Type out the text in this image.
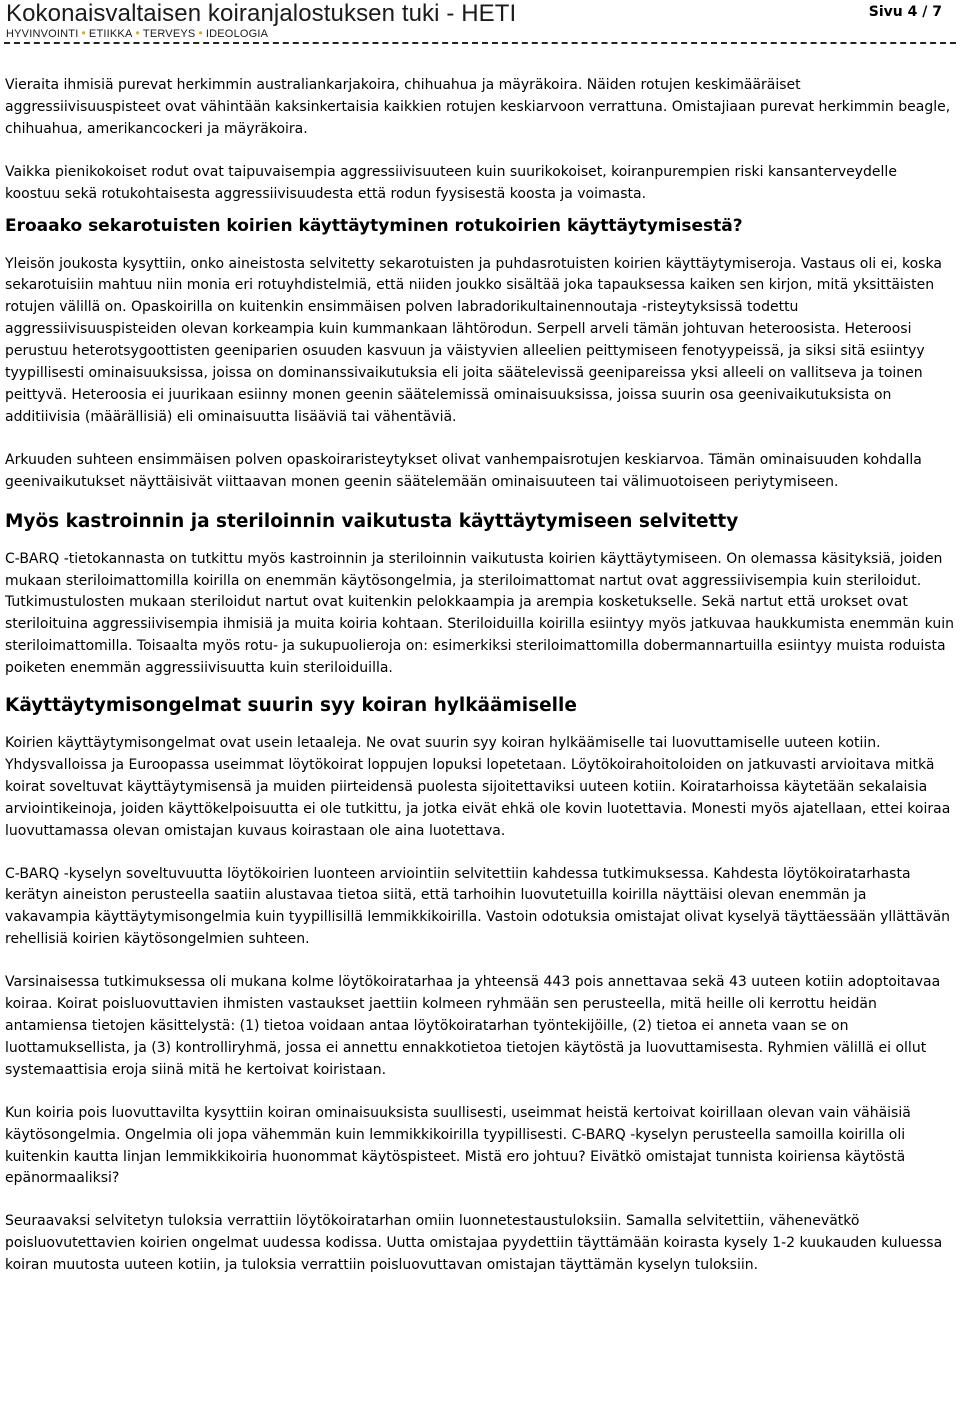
Kokonaisvaltaisen koiranjalostuksen tuki - HETI
HYVINVOINTI • ETIIKKA • TERVEYS • IDEOLOGIA
Sivu 4 / 7

Vieraita ihmisiä purevat herkimmin australiankarjakoira, chihuahua ja mäyräkoira. Näiden rotujen keskimääräiset aggressiivisuuspisteet ovat vähintään kaksinkertaisia kaikkien rotujen keskiarvoon verrattuna. Omistajiaan purevat herkimmin beagle, chihuahua, amerikancockeri ja mäyräkoira.

Vaikka pienikokoiset rodut ovat taipuvaisempia aggressiivisuuteen kuin suurikokoiset, koiranpurempien riski kansanterveydelle koostuu sekä rotukohtaisesta aggressiivisuudesta että rodun fyysisestä koosta ja voimasta.

Eroaako sekarotuisten koirien käyttäytyminen rotukoirien käyttäytymisestä?

Yleisön joukosta kysyttiin, onko aineistosta selvitetty sekarotuisten ja puhdasrotuisten koirien käyttäytymiseroja. Vastaus oli ei, koska sekarotuisiin mahtuu niin monia eri rotuyhdistelmiä, että niiden joukko sisältää joka tapauksessa kaiken sen kirjon, mitä yksittäisten rotujen välillä on. Opaskoirilla on kuitenkin ensimmäisen polven labradorikultainennoutaja -risteytyksissä todettu aggressiivisuuspisteiden olevan korkeampia kuin kummankaan lähtörodun. Serpell arveli tämän johtuvan heteroosista. Heteroosi perustuu heterotsygoottisten geeniparien osuuden kasvuun ja väistyvien alleelien peittymiseen fenotyypeissä, ja siksi sitä esiintyy tyypillisesti ominaisuuksissa, joissa on dominanssivaikutuksia eli joita säätelevissä geenipareissa yksi alleeli on vallitseva ja toinen peittyvä. Heteroosia ei juurikaan esiinny monen geenin säätelemissä ominaisuuksissa, joissa suurin osa geenivaikutuksista on additiivisia (määrällisiä) eli ominaisuutta lisääviä tai vähentäviä.

Arkuuden suhteen ensimmäisen polven opaskoiraristeytykset olivat vanhempaisrotujen keskiarvoa. Tämän ominaisuuden kohdalla geenivaikutukset näyttäisivät viittaavan monen geenin säätelemään ominaisuuteen tai välimuotoiseen periytymiseen.

Myös kastroinnin ja steriloinnin vaikutusta käyttäytymiseen selvitetty

C-BARQ -tietokannasta on tutkittu myös kastroinnin ja steriloinnin vaikutusta koirien käyttäytymiseen. On olemassa käsityksiä, joiden mukaan steriloimattomilla koirilla on enemmän käytösongelmia, ja steriloimattomat nartut ovat aggressiivisempia kuin steriloidut. Tutkimustulosten mukaan steriloidut nartut ovat kuitenkin pelokkaampia ja arempia kosketukselle. Sekä nartut että urokset ovat steriloituina aggressiivisempia ihmisiä ja muita koiria kohtaan. Steriloiduilla koirilla esiintyy myös jatkuvaa haukkumista enemmän kuin steriloimattomilla. Toisaalta myös rotu- ja sukupuolieroja on: esimerkiksi steriloimattomilla dobermannartuilla esiintyy muista roduista poiketen enemmän aggressiivisuutta kuin steriloiduilla.

Käyttäytymisongelmat suurin syy koiran hylkäämiselle

Koirien käyttäytymisongelmat ovat usein letaaleja. Ne ovat suurin syy koiran hylkäämiselle tai luovuttamiselle uuteen kotiin. Yhdysvalloissa ja Euroopassa useimmat löytökoirat loppujen lopuksi lopetetaan. Löytökoirahoitoloiden on jatkuvasti arvioitava mitkä koirat soveltuvat käyttäytymisensä ja muiden piirteidensä puolesta sijoitettaviksi uuteen kotiin. Koiratarhoissa käytetään sekalaisia arviointikeinoja, joiden käyttökelpoisuutta ei ole tutkittu, ja jotka eivät ehkä ole kovin luotettavia. Monesti myös ajatellaan, ettei koiraa luovuttamassa olevan omistajan kuvaus koirastaan ole aina luotettava.

C-BARQ -kyselyn soveltuvuutta löytökoirien luonteen arviointiin selvitettiin kahdessa tutkimuksessa. Kahdesta löytökoiratarhasta kerätyn aineiston perusteella saatiin alustavaa tietoa siitä, että tarhoihin luovutetuilla koirilla näyttäisi olevan enemmän ja vakavampia käyttäytymisongelmia kuin tyypillisillä lemmikkikoirilla. Vastoin odotuksia omistajat olivat kyselyä täyttäessään yllättävän rehellisiä koirien käytösongelmien suhteen.

Varsinaisessa tutkimuksessa oli mukana kolme löytökoiratarhaa ja yhteensä 443 pois annettavaa sekä 43 uuteen kotiin adoptoitavaa koiraa. Koirat poisluovuttavien ihmisten vastaukset jaettiin kolmeen ryhmään sen perusteella, mitä heille oli kerrottu heidän antamiensa tietojen käsittelystä: (1) tietoa voidaan antaa löytökoiratarhan työntekijöille, (2) tietoa ei anneta vaan se on luottamuksellista, ja (3) kontrolliryhmä, jossa ei annettu ennakkotietoa tietojen käytöstä ja luovuttamisesta. Ryhmien välillä ei ollut systemaattisia eroja siinä mitä he kertoivat koiristaan.

Kun koiria pois luovuttavilta kysyttiin koiran ominaisuuksista suullisesti, useimmat heistä kertoivat koirillaan olevan vain vähäisiä käytösongelmia. Ongelmia oli jopa vähemmän kuin lemmikkikoirilla tyypillisesti. C-BARQ -kyselyn perusteella samoilla koirilla oli kuitenkin kautta linjan lemmikkikoiria huonommat käytöspisteet. Mistä ero johtuu? Eivätkö omistajat tunnista koiriensa käytöstä epänormaaliksi?

Seuraavaksi selvitetyn tuloksia verrattiin löytökoiratarhan omiin luonnetestaustuloksiin. Samalla selvitettiin, vähenevätkö poisluovutettavien koirien ongelmat uudessa kodissa. Uutta omistajaa pyydettiin täyttämään koirasta kysely 1-2 kuukauden kuluessa koiran muutosta uuteen kotiin, ja tuloksia verrattiin poisluovuttavan omistajan täyttämän kyselyn tuloksiin.
